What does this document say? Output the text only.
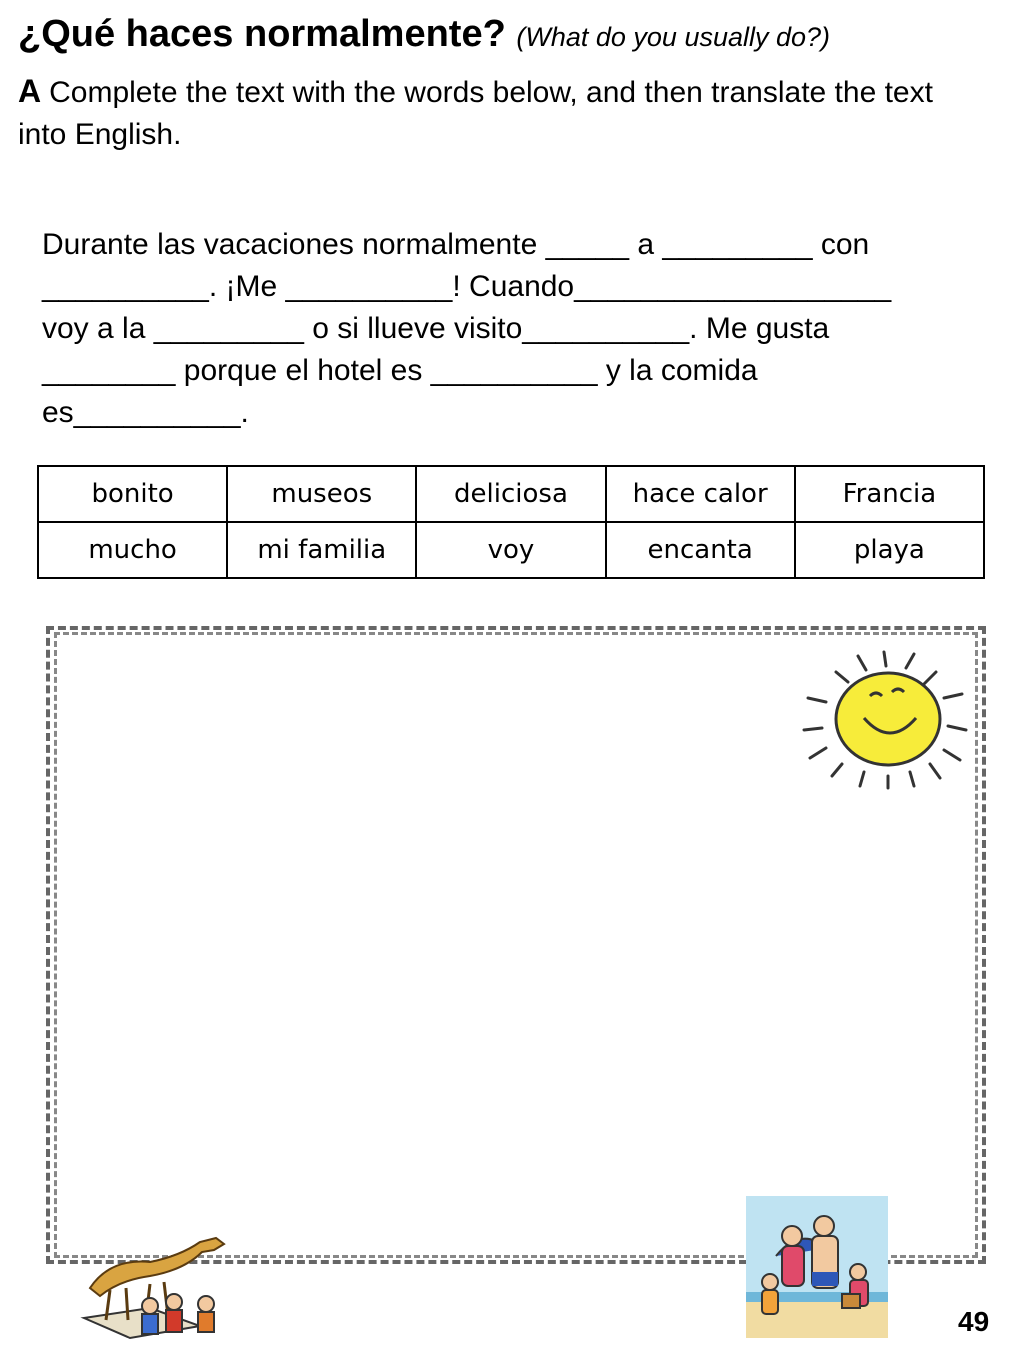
¿Qué haces normalmente? (What do you usually do?)
A Complete the text with the words below, and then translate the text into English.
Durante las vacaciones normalmente _____ a _________ con
__________. ¡Me __________! Cuando___________________
voy a la _________ o si llueve visito__________. Me gusta
________ porque el hotel es __________ y la comida
es__________.
bonito	museos	deliciosa	hace calor	Francia
mucho	mi familia	voy	encanta	playa
49
